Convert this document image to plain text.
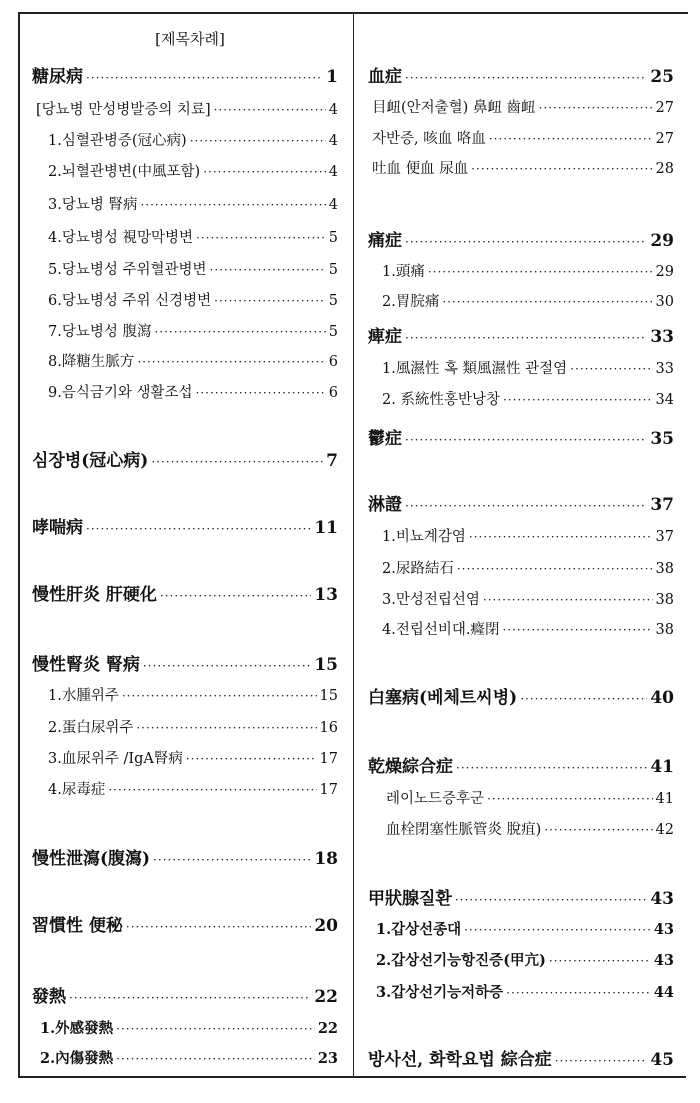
[제목차례]
糖尿病 ·····	1
[당뇨병 만성병발증의 치료] ·····	4
1.심혈관병증(冠心病) ·····	4
2.뇌혈관병변(中風포함) ·····	4
3.당뇨병 腎病 ·····	4
4.당뇨병성 視망막병변 ·····	5
5.당뇨병성 주위혈관병변 ·····	5
6.당뇨병성 주위 신경병변 ·····	5
7.당뇨병성 腹瀉 ·····	5
8.降糖生脈方 ·····	6
9.음식금기와 생활조섭 ·····	6
심장병(冠心病) ·····	7
哮喘病 ·····	11
慢性肝炎 肝硬化 ·····	13
慢性腎炎 腎病 ·····	15
1.水腫위주 ·····	15
2.蛋白尿위주 ·····	16
3.血尿위주 /IgA腎病 ·····	17
4.尿毒症 ·····	17
慢性泄瀉(腹瀉) ·····	18
習慣性 便秘 ·····	20
發熱 ·····	22
1.外感發熱 ·····	22
2.內傷發熱 ·····	23
血症 ·····	25
目衄(안저출혈) 鼻衄 齒衄 ·····	27
자반증, 咳血 咯血 ·····	27
吐血 便血 尿血 ·····	28
痛症 ·····	29
1.頭痛 ·····	29
2.胃脘痛 ·····	30
痺症 ·····	33
1.風濕性 혹 類風濕性 관절염 ·····	33
2. 系統性홍반낭창 ·····	34
鬱症 ·····	35
淋證 ·····	37
1.비뇨계감염 ·····	37
2.尿路結石 ·····	38
3.만성전립선염 ·····	38
4.전립선비대.癃閉 ·····	38
白塞病(베체트씨병) ·····	40
乾燥綜合症 ·····	41
레이노드증후군 ·····	41
血栓閉塞性脈管炎 脫疽) ·····	42
甲狀腺질환 ·····	43
1.갑상선종대 ·····	43
2.갑상선기능항진증(甲亢) ·····	43
3.갑상선기능저하증 ·····	44
방사선, 화학요법 綜合症 ·····	45
